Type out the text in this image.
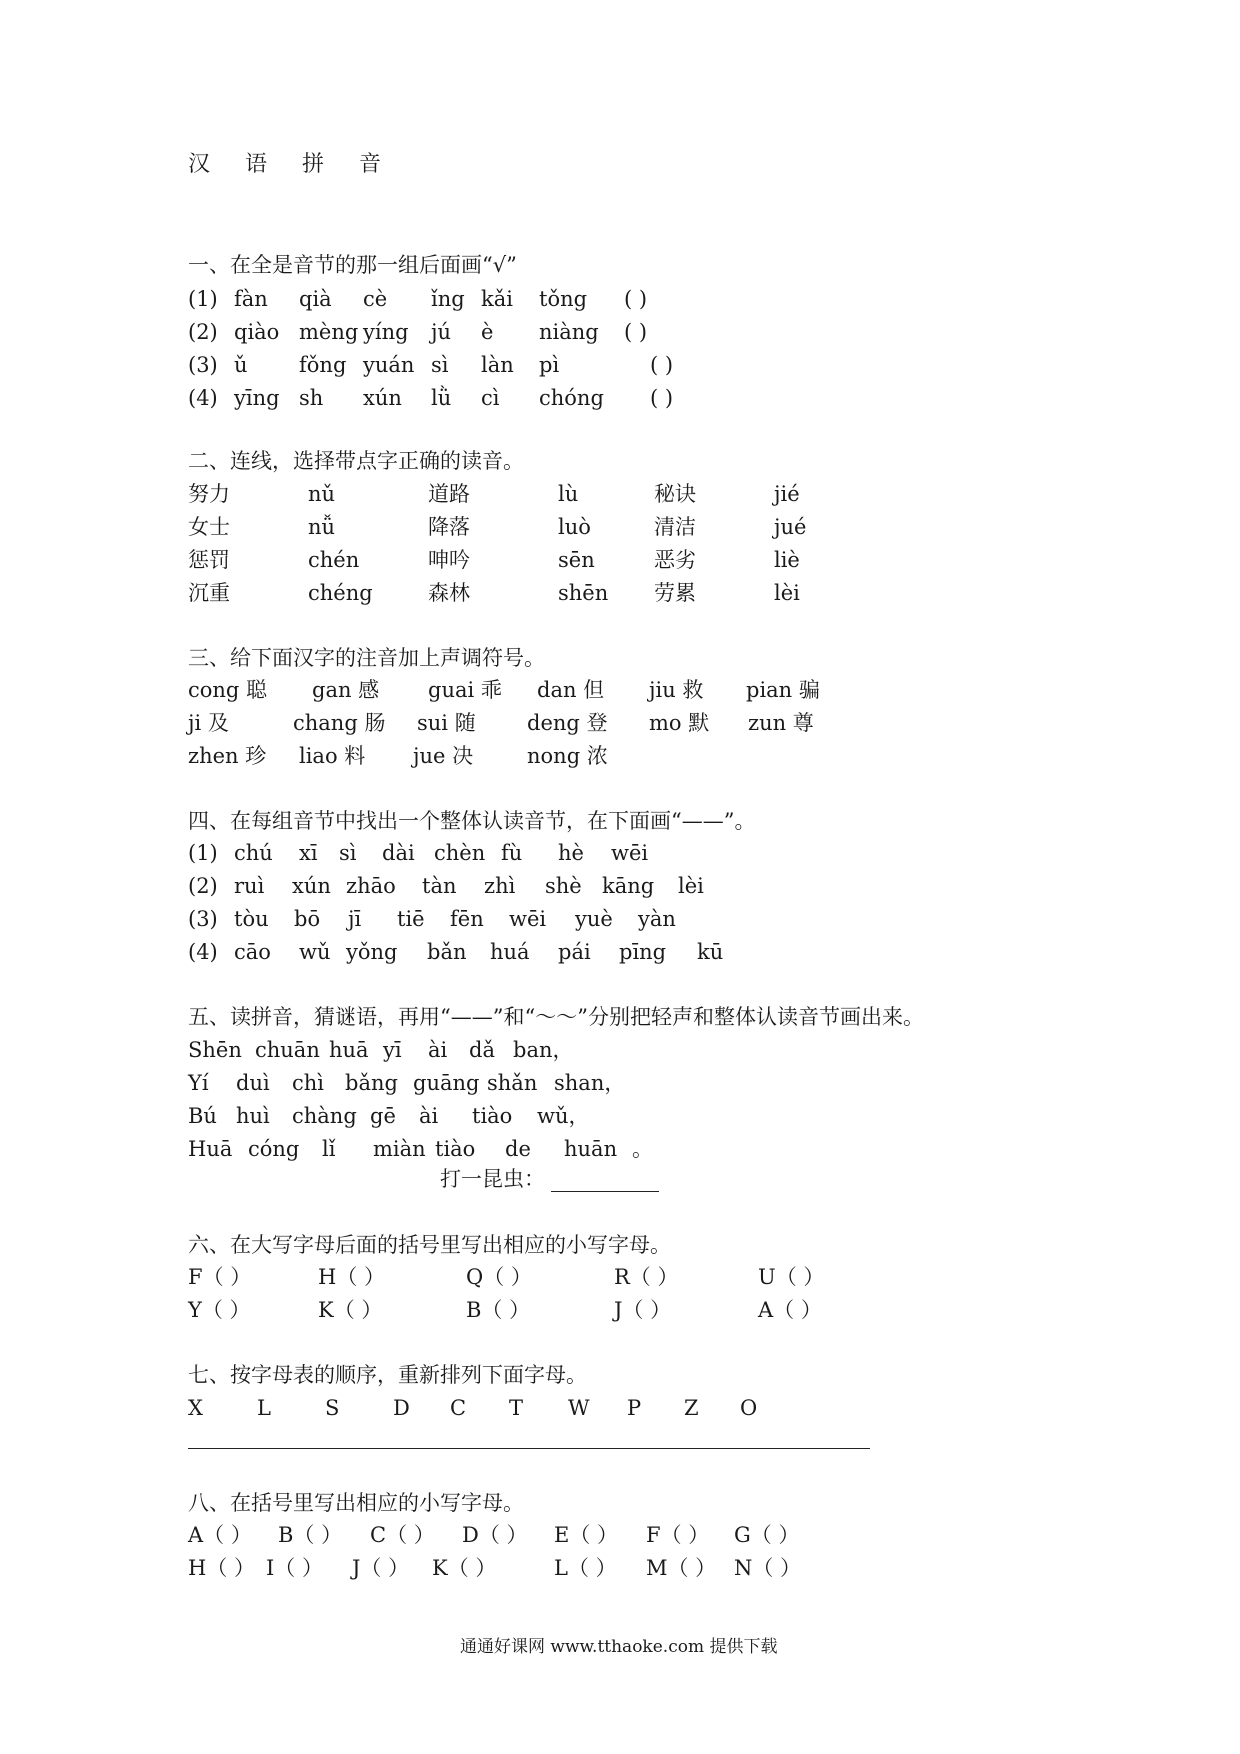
汉 语 拼 音
一、在全是音节的那一组后面画“√”
(1) fàn qià cè ǐng kǎi tǒng ( )
(2) qiào mèng yíng jú è niàng ( )
(3) ǔ fǒng yuán sì làn pì	( )
(4) yīng sh xún lǜ cì chóng ( )
二、连线，选择带点字正确的读音。
努力	nǔ	道路	lù	秘诀	jié
女士	nǚ	降落	luò	清洁	jué
惩罚	chén	呻吟	sēn	恶劣	liè
沉重	chéng	森林	shēn 劳累	lèi
三、给下面汉字的注音加上声调符号。
cong 聪 gan 感 guai 乖 dan 但 jiu 救 pian 骗
ji 及	chang 肠 sui 随 deng 登 mo 默 zun 尊
zhen 珍 liao 料 jue 决	nong 浓
四、在每组音节中找出一个整体认读音节，在下面画“——”。
(1) chú xī sì dài chèn fù hè wēi
(2) ruì xún zhāo tàn zhì shè kāng lèi
(3) tòu bō jī tiē fēn wēi yuè yàn
(4) cāo wǔ yǒng bǎn huá pái pīng kū
五、读拼音，猜谜语，再用“——”和“～～”分别把轻声和整体认读音节画出来。
Shēn chuān huā yī ài dǎ ban，
Yí duì chì bǎng guāng shǎn shan，
Bú huì chàng gē ài tiào wǔ，
Huā cóng lǐ miàn tiào de huān 。
打一昆虫：
六、在大写字母后面的括号里写出相应的小写字母。
F（ ）	H（ ）	Q（ ）	R（ ）	U（ ）
Y（ ）	K（ ）	B（ ）	J（ ）	A（ ）
七、按字母表的顺序，重新排列下面字母。
X	L	S	D C T W P Z O
八、在括号里写出相应的小写字母。
A（ ） B（ ） C（ ） D（ ） E（ ） F（ ） G（ ）
H（ ） I（ ） J（ ） K（ ）	L（ ） M（ ） N（ ）
通通好课网 www.tthaoke.com 提供下载
